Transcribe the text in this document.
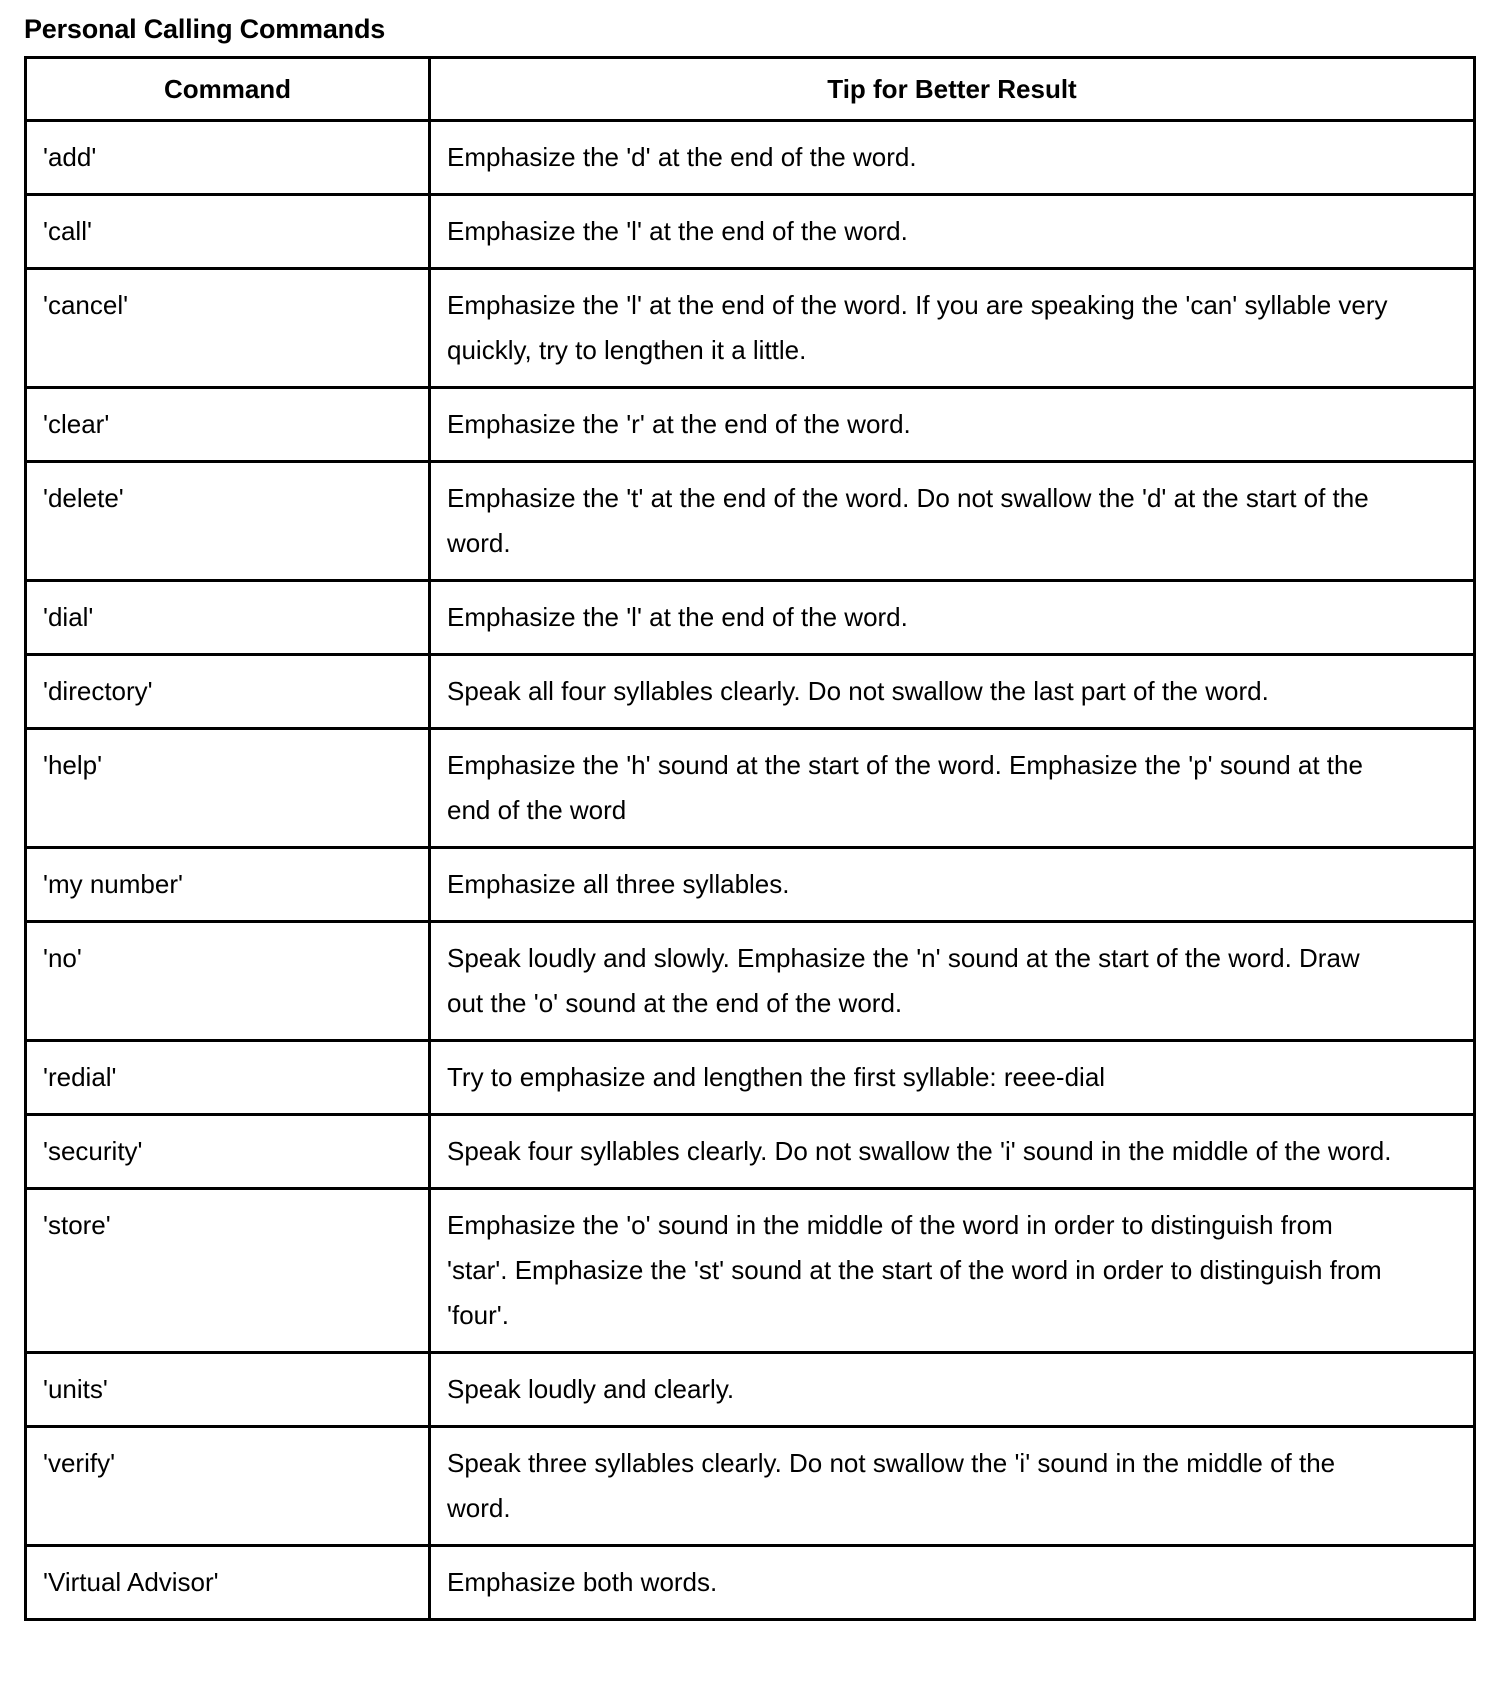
Personal Calling Commands
Command	Tip for Better Result

'add'	Emphasize the 'd' at the end of the word.

'call'	Emphasize the 'l' at the end of the word.

'cancel'	Emphasize the 'l' at the end of the word. If you are speaking the 'can' syllable very quickly, try to lengthen it a little.

'clear'	Emphasize the 'r' at the end of the word.

'delete'	Emphasize the 't' at the end of the word. Do not swallow the 'd' at the start of the word.

'dial'	Emphasize the 'l' at the end of the word.

'directory'	Speak all four syllables clearly. Do not swallow the last part of the word.

'help'	Emphasize the 'h' sound at the start of the word. Emphasize the 'p' sound at the end of the word

'my number'	Emphasize all three syllables.

'no'	Speak loudly and slowly. Emphasize the 'n' sound at the start of the word. Draw out the 'o' sound at the end of the word.

'redial'	Try to emphasize and lengthen the first syllable: reee-dial

'security'	Speak four syllables clearly. Do not swallow the 'i' sound in the middle of the word.

'store'	Emphasize the 'o' sound in the middle of the word in order to distinguish from 'star'. Emphasize the 'st' sound at the start of the word in order to distinguish from 'four'.

'units'	Speak loudly and clearly.

'verify'	Speak three syllables clearly. Do not swallow the 'i' sound in the middle of the word.

'Virtual Advisor'	Emphasize both words.
